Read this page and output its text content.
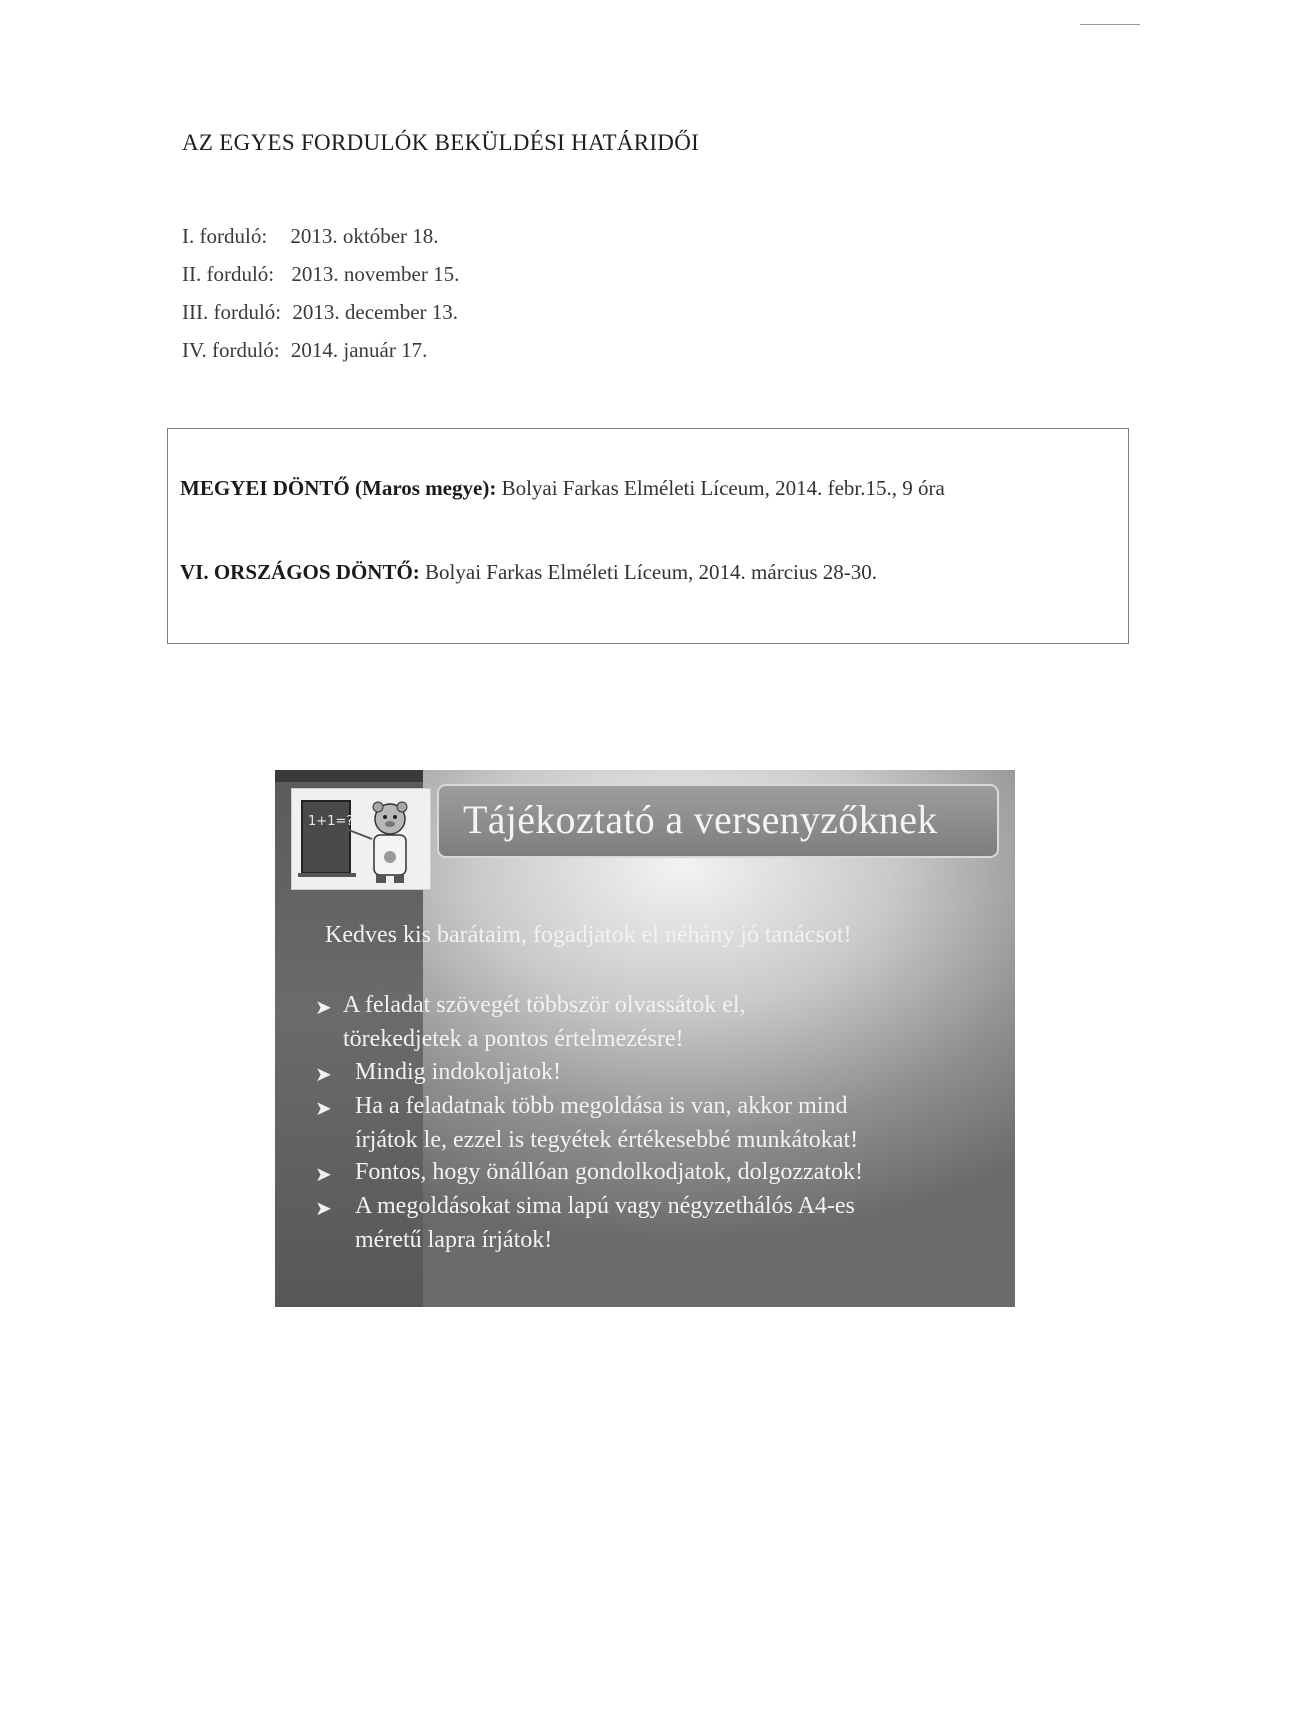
AZ EGYES FORDULÓK BEKÜLDÉSI HATÁRIDŐI
I. forduló: 2013. október 18.
II. forduló: 2013. november 15.
III. forduló: 2013. december 13.
IV. forduló: 2014. január 17.
MEGYEI DÖNTŐ (Maros megye): Bolyai Farkas Elméleti Líceum, 2014. febr.15., 9 óra
VI. ORSZÁGOS DÖNTŐ: Bolyai Farkas Elméleti Líceum, 2014. március 28-30.
1+1=?	Tájékoztató a versenyzőknek
Kedves kis barátaim, fogadjatok el néhány jó tanácsot!
➤ A feladat szövegét többször olvassátok el,
törekedjetek a pontos értelmezésre!
➤ Mindig indokoljatok!
➤ Ha a feladatnak több megoldása is van, akkor mind
írjátok le, ezzel is tegyétek értékesebbé munkátokat!
➤ Fontos, hogy önállóan gondolkodjatok, dolgozzatok!
➤ A megoldásokat sima lapú vagy négyzethálós A4-es
méretű lapra írjátok!
